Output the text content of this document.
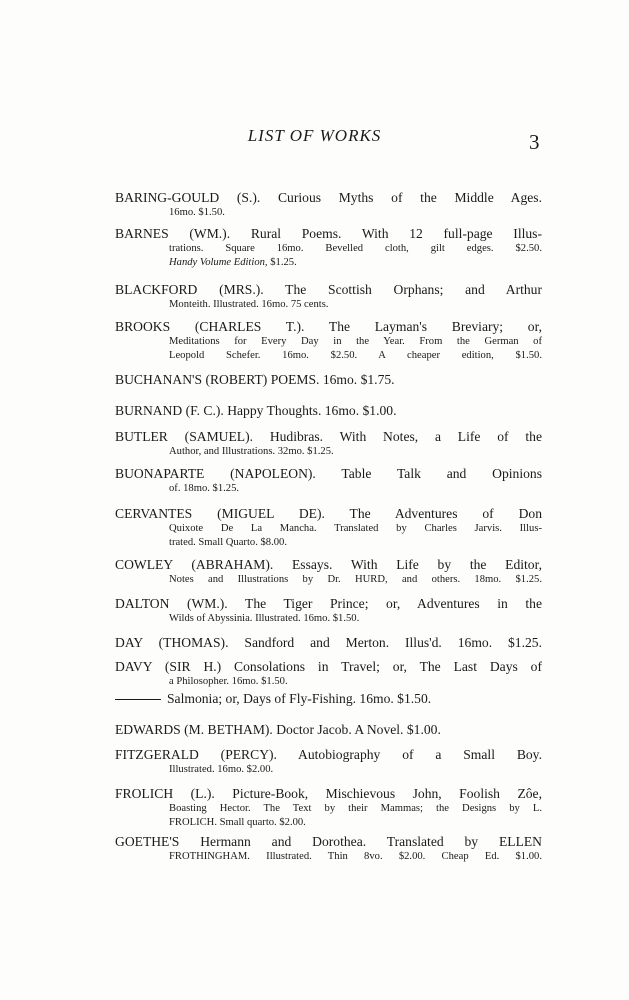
LIST OF WORKS	3
BARING-GOULD (S.). Curious Myths of the Middle Ages.
16mo. $1.50.
BARNES (WM.). Rural Poems. With 12 full-page Illus-
trations. Square 16mo. Bevelled cloth, gilt edges. $2.50.
Handy Volume Edition, $1.25.
BLACKFORD (MRS.). The Scottish Orphans; and Arthur
Monteith. Illustrated. 16mo. 75 cents.
BROOKS (CHARLES T.). The Layman's Breviary; or,
Meditations for Every Day in the Year. From the German of
Leopold Schefer. 16mo. $2.50. A cheaper edition, $1.50.
BUCHANAN'S (ROBERT) POEMS. 16mo. $1.75.
BURNAND (F. C.). Happy Thoughts. 16mo. $1.00.
BUTLER (SAMUEL). Hudibras. With Notes, a Life of the
Author, and Illustrations. 32mo. $1.25.
BUONAPARTE (NAPOLEON). Table Talk and Opinions
of. 18mo. $1.25.
CERVANTES (MIGUEL DE). The Adventures of Don
Quixote De La Mancha. Translated by Charles Jarvis. Illus-
trated. Small Quarto. $8.00.
COWLEY (ABRAHAM). Essays. With Life by the Editor,
Notes and Illustrations by Dr. HURD, and others. 18mo. $1.25.
DALTON (WM.). The Tiger Prince; or, Adventures in the
Wilds of Abyssinia. Illustrated. 16mo. $1.50.
DAY (THOMAS). Sandford and Merton. Illus'd. 16mo. $1.25.
DAVY (SIR H.) Consolations in Travel; or, The Last Days of
a Philosopher. 16mo. $1.50.
Salmonia; or, Days of Fly-Fishing. 16mo. $1.50.
EDWARDS (M. BETHAM). Doctor Jacob. A Novel. $1.00.
FITZGERALD (PERCY). Autobiography of a Small Boy.
Illustrated. 16mo. $2.00.
FROLICH (L.). Picture-Book, Mischievous John, Foolish Zôe,
Boasting Hector. The Text by their Mammas; the Designs by L.
FROLICH. Small quarto. $2.00.
GOETHE'S Hermann and Dorothea. Translated by ELLEN
FROTHINGHAM. Illustrated. Thin 8vo. $2.00. Cheap Ed. $1.00.
